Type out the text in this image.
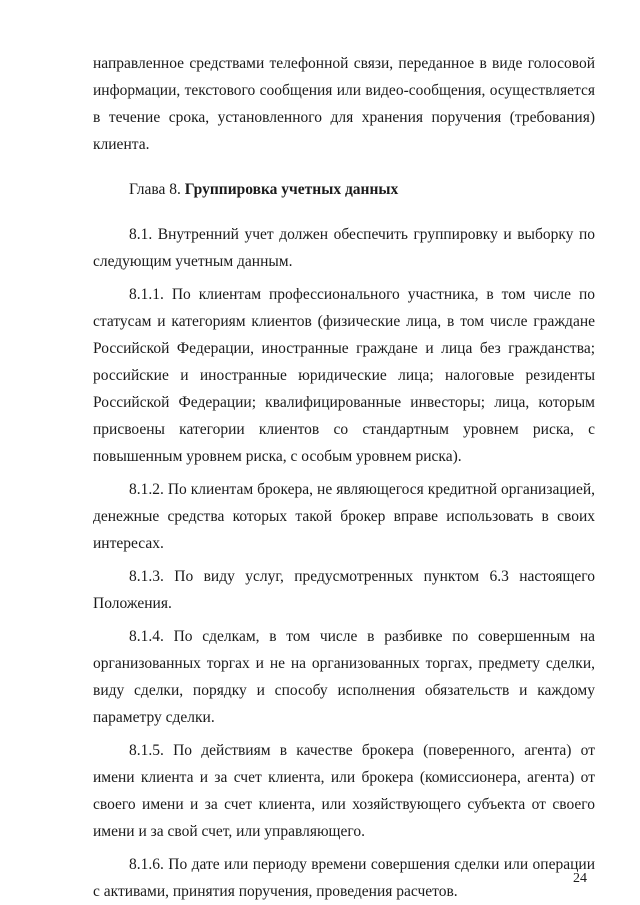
направленное средствами телефонной связи, переданное в виде голосовой информации, текстового сообщения или видео-сообщения, осуществляется в течение срока, установленного для хранения поручения (требования) клиента.

Глава 8. Группировка учетных данных

8.1. Внутренний учет должен обеспечить группировку и выборку по следующим учетным данным.

8.1.1. По клиентам профессионального участника, в том числе по статусам и категориям клиентов (физические лица, в том числе граждане Российской Федерации, иностранные граждане и лица без гражданства; российские и иностранные юридические лица; налоговые резиденты Российской Федерации; квалифицированные инвесторы; лица, которым присвоены категории клиентов со стандартным уровнем риска, с повышенным уровнем риска, с особым уровнем риска).

8.1.2. По клиентам брокера, не являющегося кредитной организацией, денежные средства которых такой брокер вправе использовать в своих интересах.

8.1.3. По виду услуг, предусмотренных пунктом 6.3 настоящего Положения.

8.1.4. По сделкам, в том числе в разбивке по совершенным на организованных торгах и не на организованных торгах, предмету сделки, виду сделки, порядку и способу исполнения обязательств и каждому параметру сделки.

8.1.5. По действиям в качестве брокера (поверенного, агента) от имени клиента и за счет клиента, или брокера (комиссионера, агента) от своего имени и за счет клиента, или хозяйствующего субъекта от своего имени и за свой счет, или управляющего.

8.1.6. По дате или периоду времени совершения сделки или операции с активами, принятия поручения, проведения расчетов.

24
